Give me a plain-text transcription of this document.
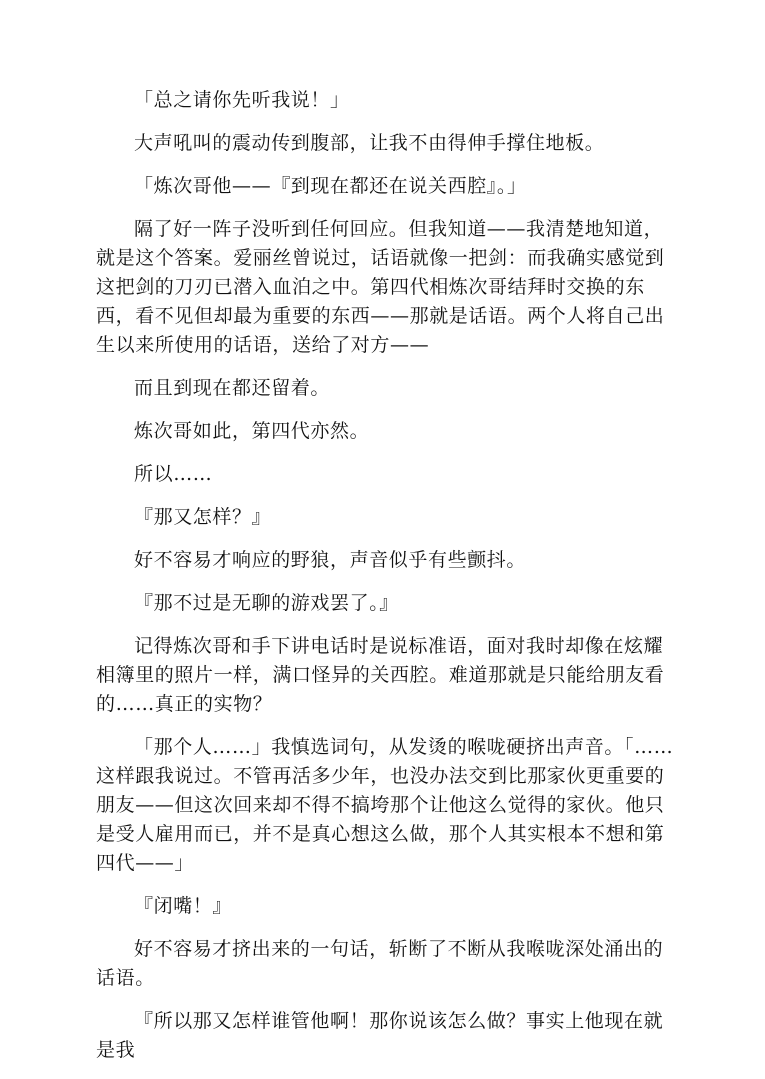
「总之请你先听我说！」

大声吼叫的震动传到腹部，让我不由得伸手撑住地板。

「炼次哥他——『到现在都还在说关西腔』。」

隔了好一阵子没听到任何回应。但我知道——我清楚地知道，就是这个答案。爱丽丝曾说过，话语就像一把剑：而我确实感觉到这把剑的刀刃已潜入血泊之中。第四代相炼次哥结拜时交换的东西，看不见但却最为重要的东西——那就是话语。两个人将自己出生以来所使用的话语，送给了对方——

而且到现在都还留着。

炼次哥如此，第四代亦然。

所以……

『那又怎样？』

好不容易才响应的野狼，声音似乎有些颤抖。

『那不过是无聊的游戏罢了。』

记得炼次哥和手下讲电话时是说标准语，面对我时却像在炫耀相簿里的照片一样，满口怪异的关西腔。难道那就是只能给朋友看的……真正的实物？

「那个人……」我慎选词句，从发烫的喉咙硬挤出声音。「……这样跟我说过。不管再活多少年，也没办法交到比那家伙更重要的朋友——但这次回来却不得不搞垮那个让他这么觉得的家伙。他只是受人雇用而已，并不是真心想这么做，那个人其实根本不想和第四代——」

『闭嘴！』

好不容易才挤出来的一句话，斩断了不断从我喉咙深处涌出的话语。

『所以那又怎样谁管他啊！那你说该怎么做？事实上他现在就是我
